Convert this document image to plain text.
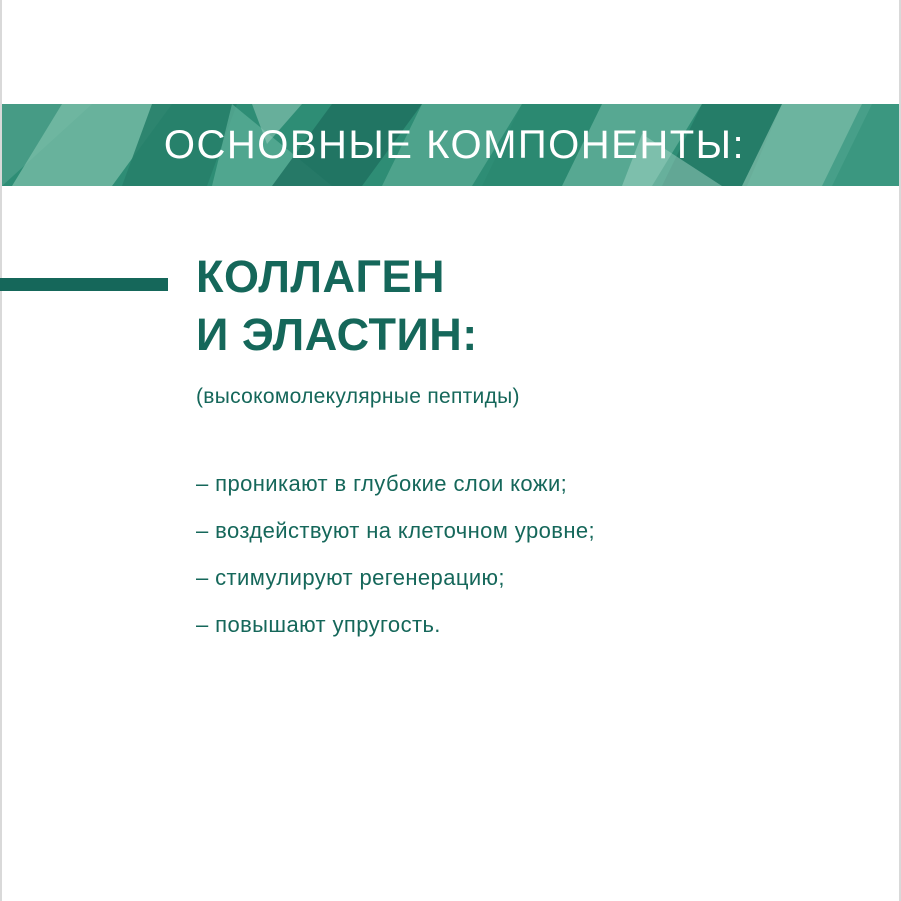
ОСНОВНЫЕ КОМПОНЕНТЫ:
КОЛЛАГЕН
И ЭЛАСТИН:

(высокомолекулярные пептиды)

– проникают в глубокие слои кожи;
– воздействуют на клеточном уровне;
– стимулируют регенерацию;
– повышают упругость.
